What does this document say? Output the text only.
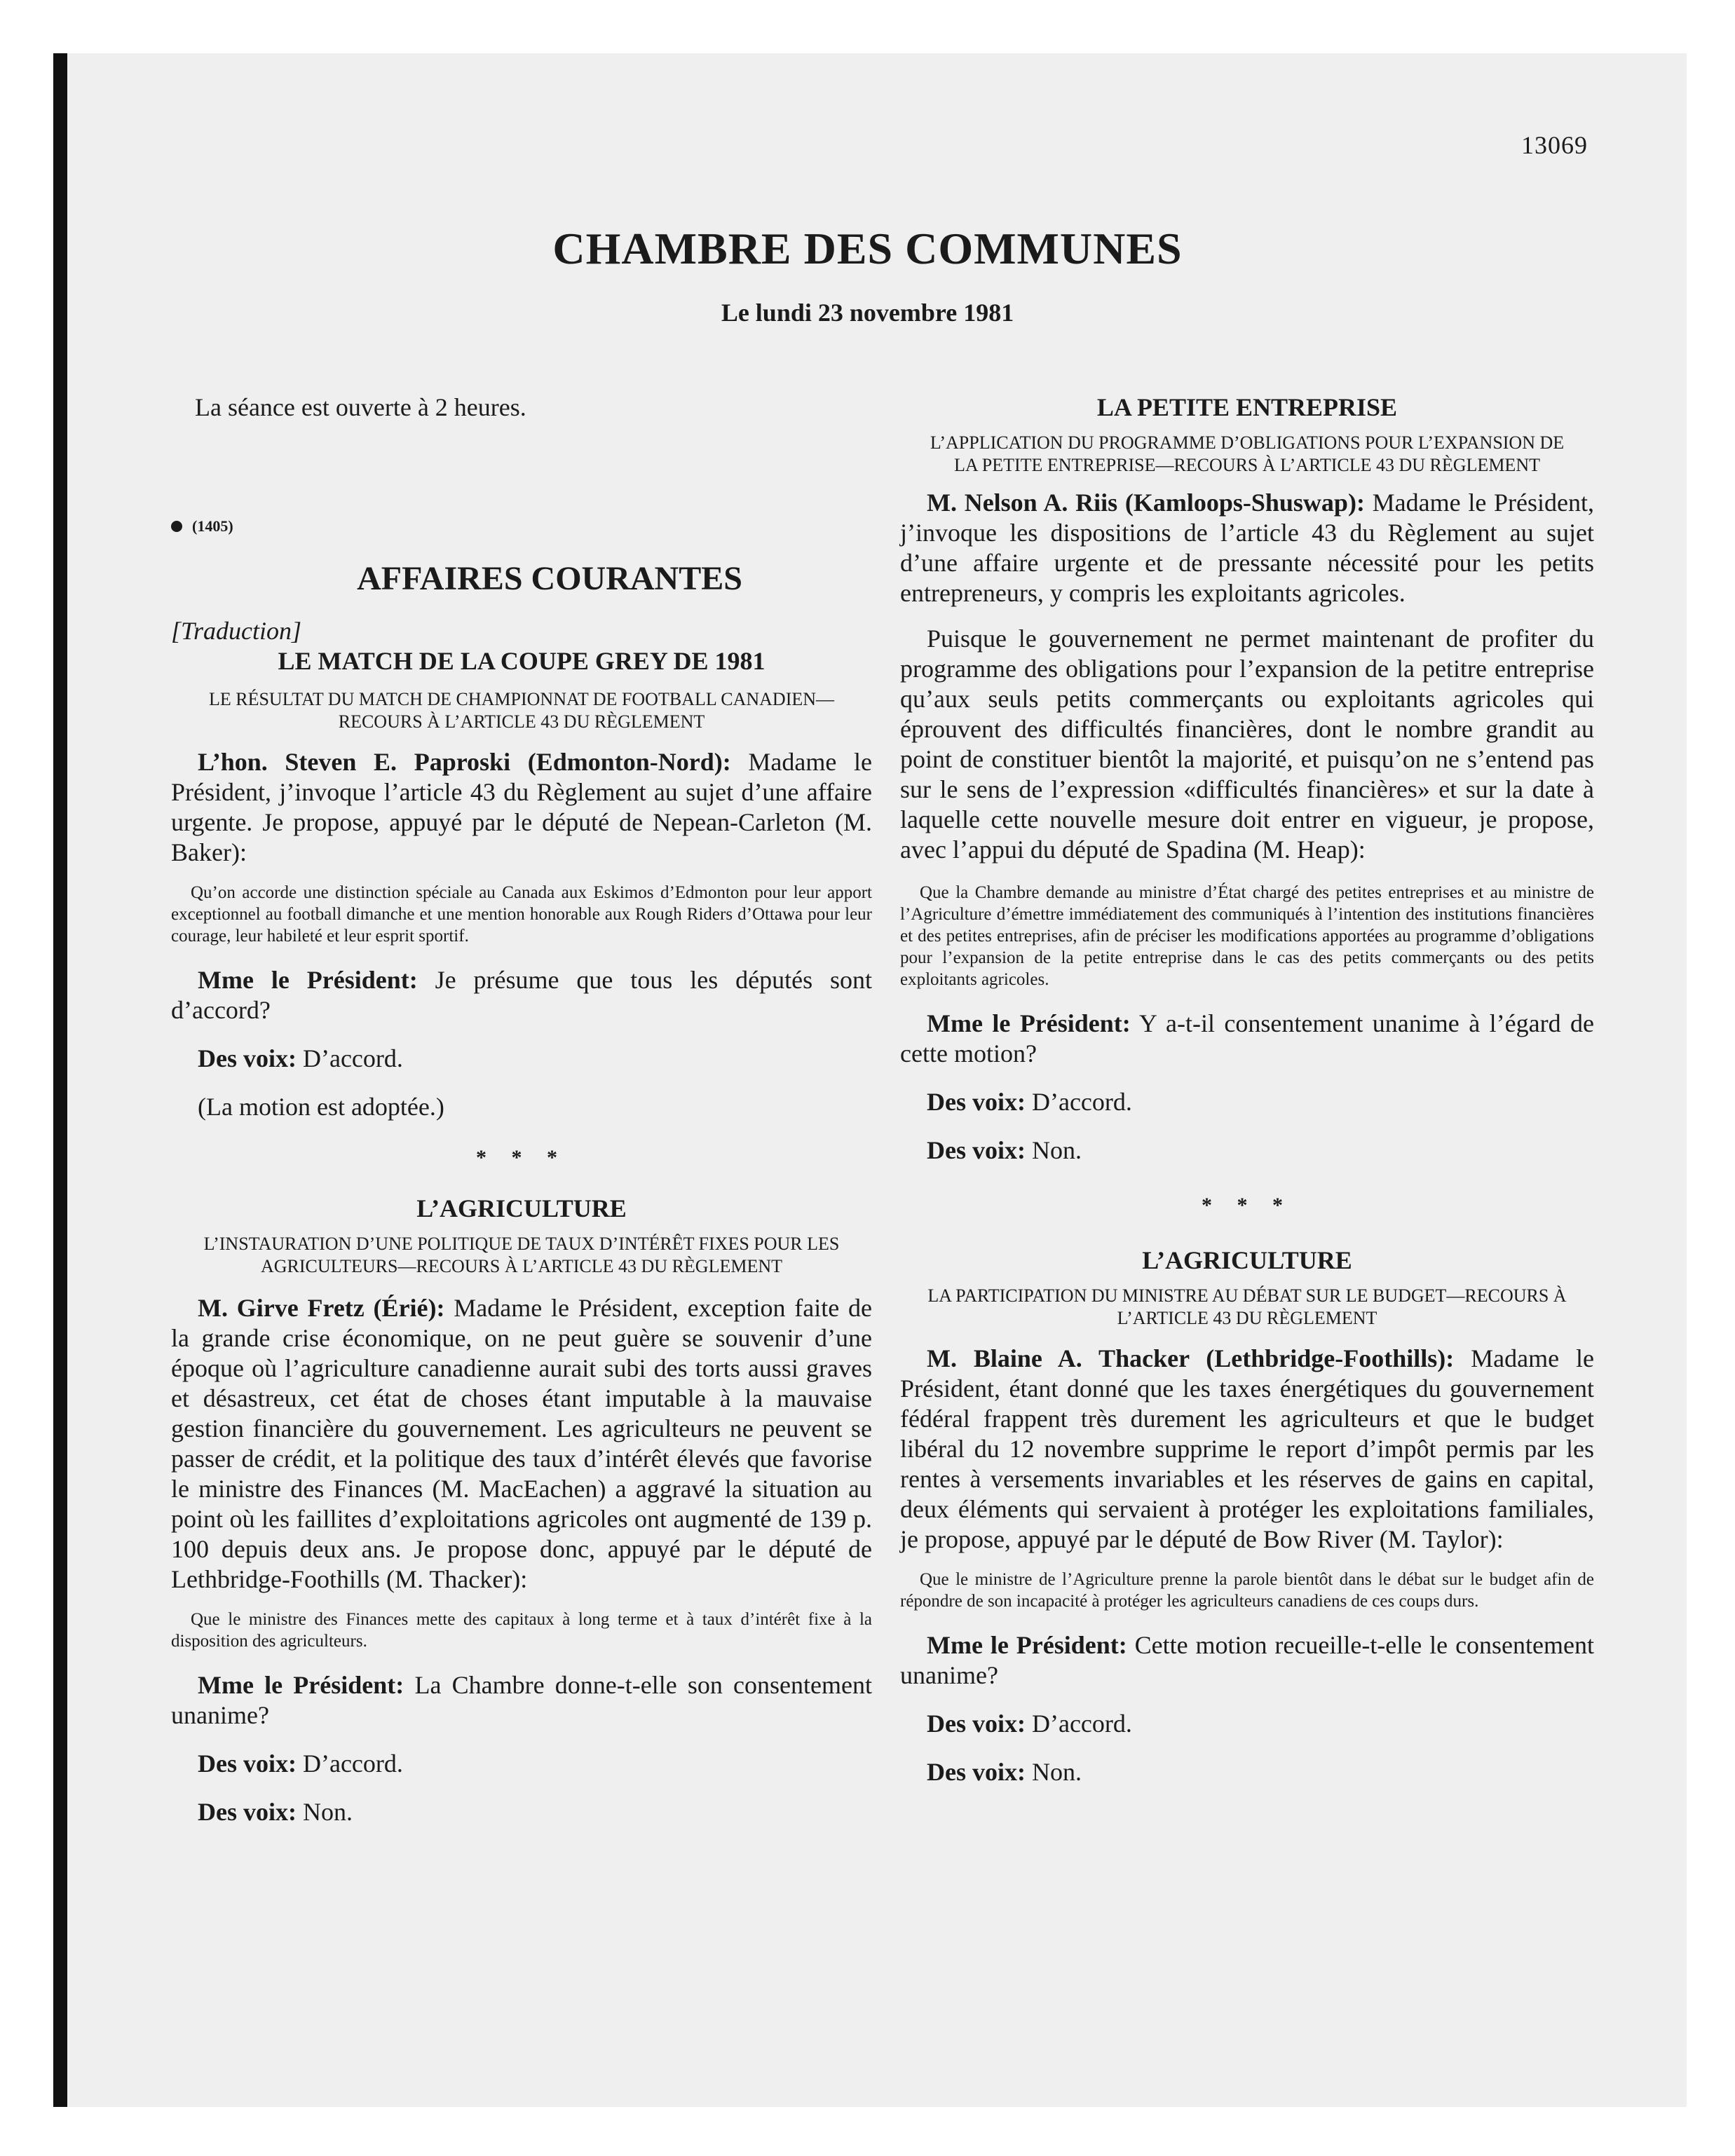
13069
CHAMBRE DES COMMUNES
Le lundi 23 novembre 1981

La séance est ouverte à 2 heures.

(1405)

AFFAIRES COURANTES

[Traduction]

LE MATCH DE LA COUPE GREY DE 1981

LE RÉSULTAT DU MATCH DE CHAMPIONNAT DE FOOTBALL CANADIEN—RECOURS À L’ARTICLE 43 DU RÈGLEMENT

L’hon. Steven E. Paproski (Edmonton-Nord): Madame le Président, j’invoque l’article 43 du Règlement au sujet d’une affaire urgente. Je propose, appuyé par le député de Nepean-Carleton (M. Baker):

Qu’on accorde une distinction spéciale au Canada aux Eskimos d’Edmonton pour leur apport exceptionnel au football dimanche et une mention honorable aux Rough Riders d’Ottawa pour leur courage, leur habileté et leur esprit sportif.

Mme le Président: Je présume que tous les députés sont d’accord?

Des voix: D’accord.

(La motion est adoptée.)

* * *

L’AGRICULTURE

L’INSTAURATION D’UNE POLITIQUE DE TAUX D’INTÉRÊT FIXES POUR LES AGRICULTEURS—RECOURS À L’ARTICLE 43 DU RÈGLEMENT

M. Girve Fretz (Érié): Madame le Président, exception faite de la grande crise économique, on ne peut guère se souvenir d’une époque où l’agriculture canadienne aurait subi des torts aussi graves et désastreux, cet état de choses étant imputable à la mauvaise gestion financière du gouvernement. Les agriculteurs ne peuvent se passer de crédit, et la politique des taux d’intérêt élevés que favorise le ministre des Finances (M. MacEachen) a aggravé la situation au point où les faillites d’exploitations agricoles ont augmenté de 139 p. 100 depuis deux ans. Je propose donc, appuyé par le député de Lethbridge-Foothills (M. Thacker):

Que le ministre des Finances mette des capitaux à long terme et à taux d’intérêt fixe à la disposition des agriculteurs.

Mme le Président: La Chambre donne-t-elle son consentement unanime?

Des voix: D’accord.

Des voix: Non.

LA PETITE ENTREPRISE

L’APPLICATION DU PROGRAMME D’OBLIGATIONS POUR L’EXPANSION DE LA PETITE ENTREPRISE—RECOURS À L’ARTICLE 43 DU RÈGLEMENT

M. Nelson A. Riis (Kamloops-Shuswap): Madame le Président, j’invoque les dispositions de l’article 43 du Règlement au sujet d’une affaire urgente et de pressante nécessité pour les petits entrepreneurs, y compris les exploitants agricoles.

Puisque le gouvernement ne permet maintenant de profiter du programme des obligations pour l’expansion de la petitre entreprise qu’aux seuls petits commerçants ou exploitants agricoles qui éprouvent des difficultés financières, dont le nombre grandit au point de constituer bientôt la majorité, et puisqu’on ne s’entend pas sur le sens de l’expression «difficultés financières» et sur la date à laquelle cette nouvelle mesure doit entrer en vigueur, je propose, avec l’appui du député de Spadina (M. Heap):

Que la Chambre demande au ministre d’État chargé des petites entreprises et au ministre de l’Agriculture d’émettre immédiatement des communiqués à l’intention des institutions financières et des petites entreprises, afin de préciser les modifications apportées au programme d’obligations pour l’expansion de la petite entreprise dans le cas des petits commerçants ou des petits exploitants agricoles.

Mme le Président: Y a-t-il consentement unanime à l’égard de cette motion?

Des voix: D’accord.

Des voix: Non.

* * *

L’AGRICULTURE

LA PARTICIPATION DU MINISTRE AU DÉBAT SUR LE BUDGET—RECOURS À L’ARTICLE 43 DU RÈGLEMENT

M. Blaine A. Thacker (Lethbridge-Foothills): Madame le Président, étant donné que les taxes énergétiques du gouvernement fédéral frappent très durement les agriculteurs et que le budget libéral du 12 novembre supprime le report d’impôt permis par les rentes à versements invariables et les réserves de gains en capital, deux éléments qui servaient à protéger les exploitations familiales, je propose, appuyé par le député de Bow River (M. Taylor):

Que le ministre de l’Agriculture prenne la parole bientôt dans le débat sur le budget afin de répondre de son incapacité à protéger les agriculteurs canadiens de ces coups durs.

Mme le Président: Cette motion recueille-t-elle le consentement unanime?

Des voix: D’accord.

Des voix: Non.
